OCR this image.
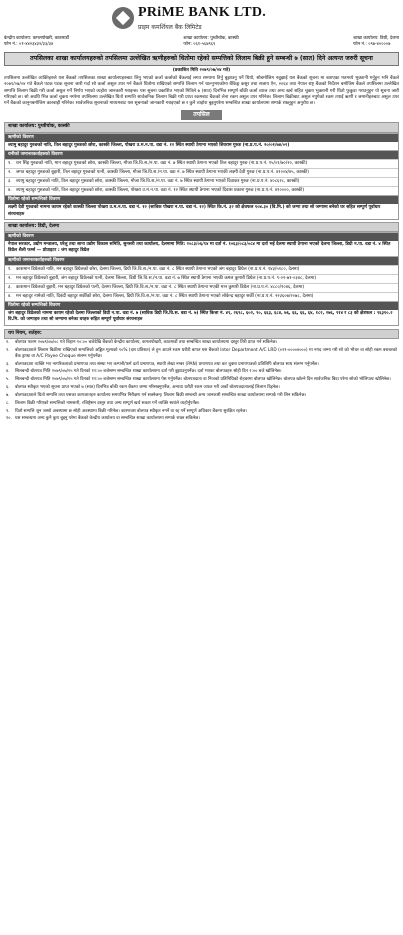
PRiME BANK LTD.
प्राइम कमर्शियल बैंक लिमिटेड
केन्द्रीय कार्यालय: कमलपोखरी, काठमाडौं
फोन नं.: ०१-४४२३४३२/३३/३४
शाखा कार्यालय: पुथ्वीचोक, कास्की
फोन: ०६१-५६७९६९
शाखा कार्यालय: डिग्री, देलमा
फोन नं.: ०९७-४००००७
तपसिलका शाखा कार्यालयहरुको तपसिलमा उल्लेखित ऋणीहरुको धितोमा रहेको सम्पत्तिको लिलाम बिक्री हुने सम्बन्धी ७ (सात) दिने अत्यन्त जरुरी सूचना
(प्रकाशित मिति २०७९/०७/०४ गते)
तपसिलमा उल्लेखित व्यक्तिहरुले यस बैंकको तपसिलका शाखा कार्यालयहरुबाट लिनु भएको कर्जा कर्जाको बैंकलाई लगत समयमा तिर्नु बुझाउनु पर्ने थियो, सोबमोजिम नबुझाई यस बैंकको सूचना मा बताएका मतमध्ये भुक्तानी गर्नुहुन भनि बैंकले २०७९/०७/०४ गते बैंकले पटक पटक सूचना जारी गर्दा सो कर्जा असुल उपर गर्न बैंकले धितोमा राखिएको सम्पत्ति लिलाम गर्न थाल्नुभएकोमा बैंकिङ्ग कसुर तथा सजाय ऐन, २०६४ तथा नेपाल राष्ट्र बैंकको निर्देशन बमोजिम बैंकले तपसिलमा उल्लेखित सम्पत्ति लिलाम बिक्री गरी कर्जा असुल गर्ने निर्णय भएको व्यहोरा जानकारी गराइन्छ। यस सूचना प्रकाशित भएको मितिले ७ (सात) दिनभित्र सम्पूर्ण बाँकी कर्जा व्याज तथा अन्य खर्च सहित चुक्ता भुक्तानी गरी धितो फुकुवा गराउनुहुन यो सूचना जारी गरिएको छ। सो अवधि भित्र कर्जा चुक्ता नगरेमा तपसिलमा उल्लेखित धितो सम्पत्ति सार्वजनिक लिलाम बिक्री गरी प्राप्त रकमबाट बैंकको लेना रकम असुल उपर गरिनेछ। लिलाम बिक्रीबाट असुल नपुगेको रकम तपाईं ऋणी र जमानीहरुबाट असुल उपर गर्ने बैंकको कानुनबमोजिम कारबाही गरिनेछ। सार्वजनिक सूचनाको माध्यमबाट यस सूचनाको जानकारी गराइएको छ र कुनै व्यहोरा बुझ्नुपरेमा सम्बन्धित शाखा कार्यालयमा सम्पर्क राख्नुहुन अनुरोध छ।
तपसिल
शाखा कार्यालय: पुथ्वीचोक, कास्की
ऋणीको विवरण
श्यामु बहादुर गुरुङको नाति, तिल बहादुर गुरुङको छोरा, कास्की जिल्ला, पोखरा उ.म.न.पा. वडा नं. १२ स्थित स्थायी ठेगाना भएको शिवराम गुरुङ (ना.प्र.प.नं. २०/०१/७४/०२)
धनीको जमानतकर्ताहरुको विवरण
१. धन सिंह गुरुङको नाति, मान बहादुर गुरुङको छोरा, कास्की जिल्ला, मौजा जि.वि.स./न.पा. वडा नं. ७ स्थित स्थायी ठेगाना भएको तिल बहादुर गुरुङ (ना.प्र.प.नं. १५/०१/७०/२०, कास्की)
२. जगत बहादुर गुरुङको बुहारी, तिल बहादुर गुरुङको पत्नी, कास्की जिल्ला, मौजा जि.वि.स./न.पा. वडा नं. ७ स्थित स्थायी ठेगाना भएकी लक्ष्मी देवी गुरुङ (ना.प्र.प.नं. ४१००४/४५, कास्की)
३. श्यामु बहादुर गुरुङको नाति, तिल बहादुर गुरुङको छोरा, कास्की जिल्ला, मौजा जि.वि.स./न.पा. वडा नं. ७ स्थित स्थायी ठेगाना भएको दिवाकर गुरुङ (ना.प्र.प.नं. ४०८६२८, कास्की)
४. श्यामु बहादुर गुरुङको नाति, तिल बहादुर गुरुङको छोरा, कास्की जिल्ला, पोखरा उ.म.न.पा. वडा नं. १२ स्थित स्थायी ठेगाना भएको दिवास प्रकाश गुरुङ (ना.प्र.प.नं. ४१००००, कास्की)
धितोमा रहेको सम्पत्तिको विवरण
लक्ष्मी देवी गुरुङको नाममा कायम रहेको कास्की जिल्ला पोखरा उ.म.न.पा. वडा नं. १२ (साविक पोखरा न.पा. वडा नं. १२) स्थित कि.नं. ३२ को क्षेत्रफल १०४.३० (वि.मि.) को जग्गा तथा सो जग्गामा बनेको घर सहित सम्पूर्ण पूर्वाधार संरचनाहरु
शाखा कार्यालय: डिग्री, देलमा
ऋणीको विवरण
नेपाल सरकार, उद्योग मन्त्रालय, घरेलु तथा साना उद्योग विकास समिति, सुनसरी तथा कार्यालय, देलमामा मिति: २०८३/०६/१४ मा दर्ता नं. १०६३/०८३/०८४ मा दर्ता भई देलमा स्थायी ठेगाना भएको देलमा जिल्ला, डिग्री न.पा. वडा नं. ४ स्थित डिग्रेल शैली फर्म्स — प्रोप्राइटर : जंग बहादुर डिग्रेल
ऋणीको जमानतकर्ताहरुको विवरण
१. काशमान डिग्रेलको नाति, मन बहादुर डिग्रेलको छोरा, देलमा जिल्ला, डिग्री जि.वि.स./न.पा. वडा नं. ८ स्थित स्थायी ठेगाना भएको जंग बहादुर डिग्रेल (ना.प्र.प.नं. १४३/५१८०, देलमा)
२. मन बहादुर डिग्रेलको बुहारी, जंग बहादुर डिग्रेलको पत्नी, देलमा जिल्ला, डिग्री जि.वि.स./न.पा. वडा नं. ७ स्थित स्थायी ठेगाना भएकी कमल कुमारी डिग्रेल (ना.प्र.प.नं. ९-०१-७१-०३४८, देलमा)
३. काशमान डिग्रेलको बुहारी, मन बहादुर डिग्रेलको पत्नी, देलमा जिल्ला, डिग्री जि.वि.स./न.पा. वडा नं. ८ स्थित स्थायी ठेगाना भएकी मान कुमारी डिग्रेल (ना.प्र.प.नं. ४८८०/१०४६, देलमा)
४. मन बहादुर नामेको नाति, दिबंदी बहादुर सर्कीको छोरा, देलमा जिल्ला, डिग्री जि.वि.स./न.पा. वडा नं. ८ स्थित स्थायी ठेगाना भएको लोकेन्द्र बहादुर सर्की (ना.प्र.प.नं. २२३६०७/२०७८, देलमा)
धितोमा रहेको सम्पत्तिको विवरण
जंग बहादुर डिग्रेलको नाममा कायम रहेको देलमा जिल्लाको डिग्री न.पा. वडा नं. ७ (साविक डिग्री जि.वि.स. वडा नं. ७) स्थित कित्ता नं. ४९, २६९८, ६०२, ९०, ६६३, ६८४, ७६, ६६, ६६, ६४, १८२, २७६, ९१४ र ८३ को क्षेत्रफल : ९६३१०.२ वि.मि. को जग्गाहरु तथा सो जग्गामा बनेका घरहरु सहित सम्पूर्ण पूर्वाधार संरचनाहरु
थप नियम, शर्तहरु:
१.	बोलपत्र फारम २०७९/०७/०८ गते बिहान १०:०० बजेदेखि बैंकको केन्द्रीय कार्यालय, कमलपोखरी, काठमाडौं तथा सम्बन्धित शाखा कार्यालयमा दस्तुर तिरी प्राप्त गर्न सकिनेछ।
२.	बोलपत्रदाताले लिलाम बिक्रीमा राखिएको सम्पत्तिको अङ्कित मूल्यको १०% (दश प्रतिशत) ले हुन आउने रकम धरौटी बापत यस बैंकको Inter Department A/C LRD (०२९-००००४०००) मा नगद जम्मा गरी सो को भौचर वा सोही रकम बराबरको बैंक ड्राफ्ट वा A/C Payee Cheque संलग्न गर्नुपर्नेछ।
३.	बोलपत्रदाता व्यक्ति भए नागरिकताको प्रमाणपत्र तथा संस्था भए कम्पनी/फर्म दर्ता प्रमाणपत्र, स्थायी लेखा नम्बर (PAN) प्रमाणपत्र तथा कर चुक्ता प्रमाणपत्रको प्रतिलिपि बोलपत्र साथ संलग्न गर्नुपर्नेछ।
४.	सिलबन्दी बोलपत्र मिति २०७९/०७/१५ गते दिनको १२:०० बजेसम्म सम्बन्धित शाखा कार्यालयमा दर्ता गरी बुझाउनुपर्नेछ। दर्ता भएका बोलपत्रहरु सोही दिन २:०० बजे खोलिनेछ।
५.	सिलबन्दी बोलपत्र मिति २०७९/०७/१५ गते दिनको १२:०० बजेसम्म सम्बन्धित शाखा कार्यालयमा पेस गर्नुपर्नेछ। बोलपत्रदाता वा निजको प्रतिनिधिको रोहबरमा बोलपत्र खोलिनेछ। बोलपत्र खोल्ने दिन सार्वजनिक बिदा परेमा सोको भोलिपल्ट खोलिनेछ।
६.	बोलपत्र स्वीकृत भएको सूचना प्राप्त भएको ७ (सात) दिनभित्र बाँकी रकम बैंकमा जम्मा गरिसक्नुपर्नेछ, अन्यथा धरौटी रकम जफत गरी अर्को बोलपत्रदातालाई लिलाम दिइनेछ।
७.	बोलपत्रदाताले धितो सम्पत्ति तथा यसका कागजातहरु कार्यालय समयभित्र निरीक्षण गर्न सक्नेछन्। लिलाम बिक्री सम्बन्धी अन्य जानकारी सम्बन्धित शाखा कार्यालयमा सम्पर्क गरी लिन सकिनेछ।
८.	लिलाम बिक्री गरिएको सम्पत्तिको नामसारी, रजिष्ट्रेसन दस्तुर तथा अन्य सम्पूर्ण खर्च सकार गर्ने व्यक्ति स्वयंले व्यहोर्नुपर्नेछ।
९.	धितो सम्पत्ति जुन जस्तो अवस्थामा छ सोही अवस्थामा बिक्री गरिनेछ। कारणवश बोलपत्र स्वीकृत नगर्ने वा रद्द गर्ने सम्पूर्ण अधिकार बैंकमा सुरक्षित रहनेछ।
१०. यस सम्बन्धमा अन्य कुनै कुरा बुझ्नु परेमा बैंकको केन्द्रीय कार्यालय वा सम्बन्धित शाखा कार्यालयमा सम्पर्क राख्न सकिनेछ।
